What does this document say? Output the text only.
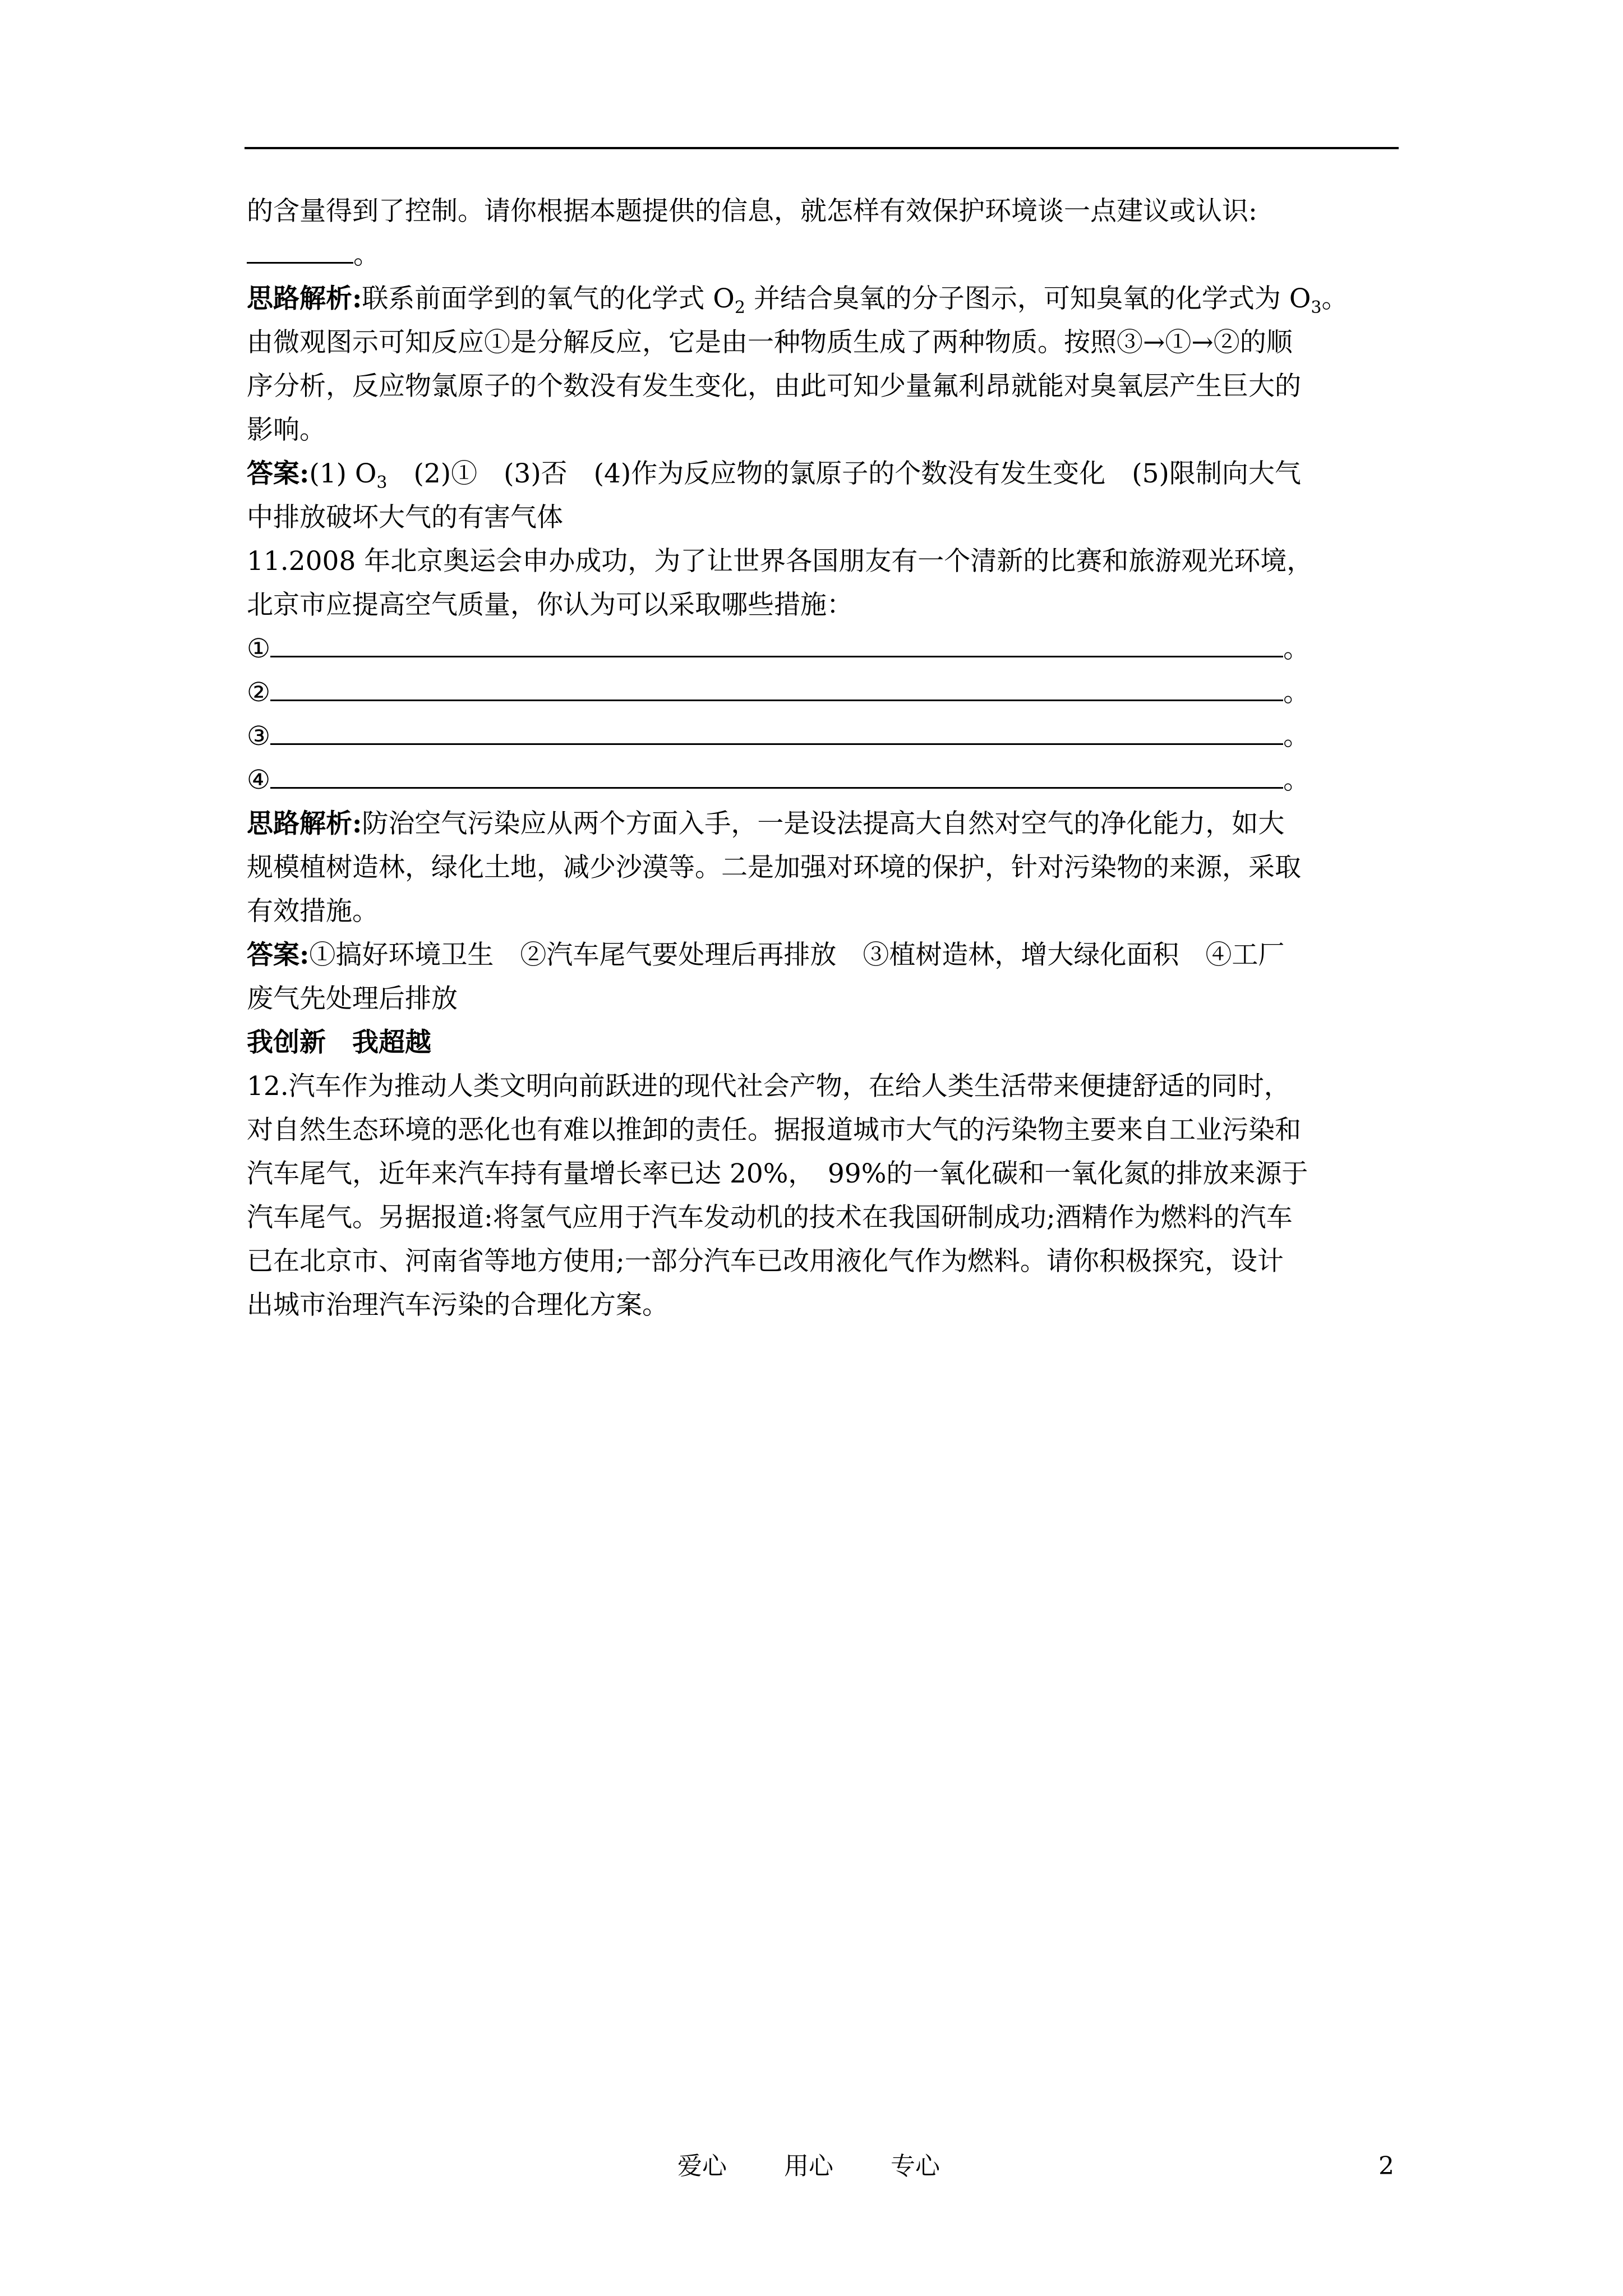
的含量得到了控制。请你根据本题提供的信息，就怎样有效保护环境谈一点建议或认识:
。
思路解析:联系前面学到的氧气的化学式 $O_2$ 并结合臭氧的分子图示，可知臭氧的化学式为 $O_3$。
由微观图示可知反应①是分解反应，它是由一种物质生成了两种物质。按照③→①→②的顺
序分析，反应物氯原子的个数没有发生变化，由此可知少量氟利昂就能对臭氧层产生巨大的
影响。
答案:(1) $O_3$　(2)①　(3)否　(4)作为反应物的氯原子的个数没有发生变化　(5)限制向大气
中排放破坏大气的有害气体
11.2008 年北京奥运会申办成功，为了让世界各国朋友有一个清新的比赛和旅游观光环境，
北京市应提高空气质量，你认为可以采取哪些措施：
①	。
②	。
③	。
④	。
思路解析:防治空气污染应从两个方面入手，一是设法提高大自然对空气的净化能力，如大
规模植树造林，绿化土地，减少沙漠等。二是加强对环境的保护，针对污染物的来源，采取
有效措施。
答案:①搞好环境卫生　②汽车尾气要处理后再排放　③植树造林，增大绿化面积　④工厂
废气先处理后排放
我创新　我超越
12.汽车作为推动人类文明向前跃进的现代社会产物，在给人类生活带来便捷舒适的同时，
对自然生态环境的恶化也有难以推卸的责任。据报道城市大气的污染物主要来自工业污染和
汽车尾气，近年来汽车持有量增长率已达 20%，　99%的一氧化碳和一氧化氮的排放来源于
汽车尾气。另据报道:将氢气应用于汽车发动机的技术在我国研制成功;酒精作为燃料的汽车
已在北京市、河南省等地方使用;一部分汽车已改用液化气作为燃料。请你积极探究，设计
出城市治理汽车污染的合理化方案。
爱心 用心 专心	2
